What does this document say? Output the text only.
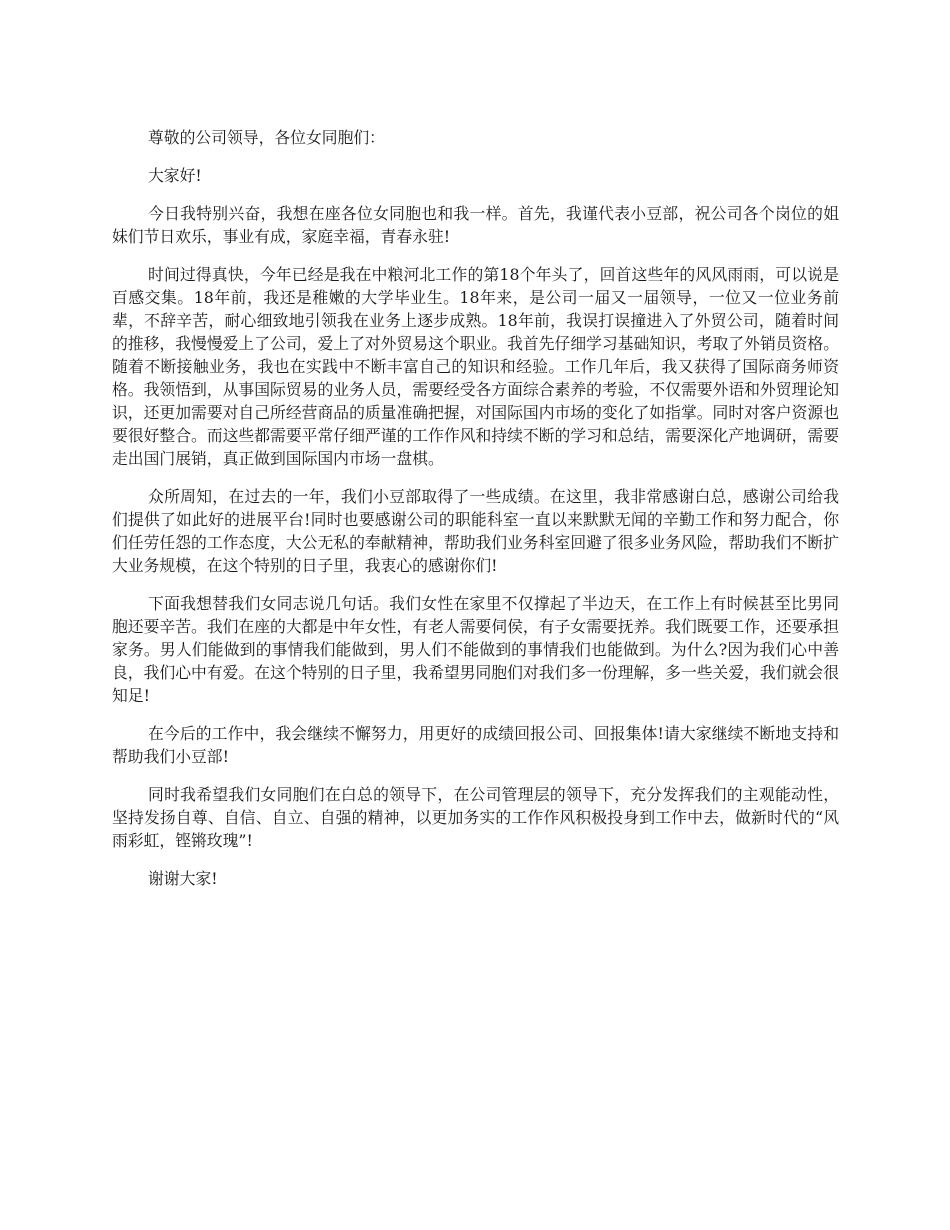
尊敬的公司领导，各位女同胞们：

大家好!

今日我特别兴奋，我想在座各位女同胞也和我一样。首先，我谨代表小豆部，祝公司各个岗位的姐妹们节日欢乐，事业有成，家庭幸福，青春永驻!

时间过得真快，今年已经是我在中粮河北工作的第18个年头了，回首这些年的风风雨雨，可以说是百感交集。18年前，我还是稚嫩的大学毕业生。18年来，是公司一届又一届领导，一位又一位业务前辈，不辞辛苦，耐心细致地引领我在业务上逐步成熟。18年前，我误打误撞进入了外贸公司，随着时间的推移，我慢慢爱上了公司，爱上了对外贸易这个职业。我首先仔细学习基础知识，考取了外销员资格。随着不断接触业务，我也在实践中不断丰富自己的知识和经验。工作几年后，我又获得了国际商务师资格。我领悟到，从事国际贸易的业务人员，需要经受各方面综合素养的考验，不仅需要外语和外贸理论知识，还更加需要对自己所经营商品的质量准确把握，对国际国内市场的变化了如指掌。同时对客户资源也要很好整合。而这些都需要平常仔细严谨的工作作风和持续不断的学习和总结，需要深化产地调研，需要走出国门展销，真正做到国际国内市场一盘棋。

众所周知，在过去的一年，我们小豆部取得了一些成绩。在这里，我非常感谢白总，感谢公司给我们提供了如此好的进展平台!同时也要感谢公司的职能科室一直以来默默无闻的辛勤工作和努力配合，你们任劳任怨的工作态度，大公无私的奉献精神，帮助我们业务科室回避了很多业务风险，帮助我们不断扩大业务规模，在这个特别的日子里，我衷心的感谢你们!

下面我想替我们女同志说几句话。我们女性在家里不仅撑起了半边天，在工作上有时候甚至比男同胞还要辛苦。我们在座的大都是中年女性，有老人需要伺侯，有子女需要抚养。我们既要工作，还要承担家务。男人们能做到的事情我们能做到，男人们不能做到的事情我们也能做到。为什么?因为我们心中善良，我们心中有爱。在这个特别的日子里，我希望男同胞们对我们多一份理解，多一些关爱，我们就会很知足!

在今后的工作中，我会继续不懈努力，用更好的成绩回报公司、回报集体!请大家继续不断地支持和帮助我们小豆部!

同时我希望我们女同胞们在白总的领导下，在公司管理层的领导下，充分发挥我们的主观能动性，坚持发扬自尊、自信、自立、自强的精神，以更加务实的工作作风积极投身到工作中去，做新时代的“风雨彩虹，铿锵玫瑰”!

谢谢大家!
